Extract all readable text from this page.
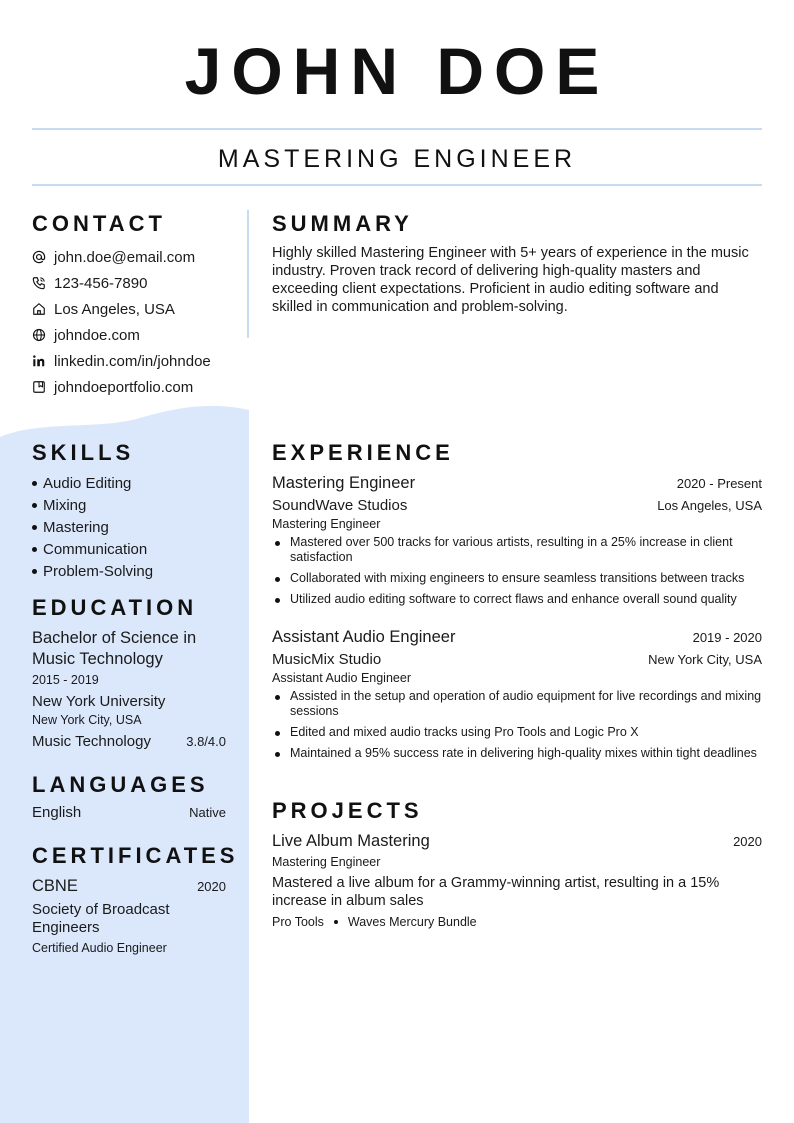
JOHN DOE
MASTERING ENGINEER
CONTACT
john.doe@email.com
123-456-7890
Los Angeles, USA
johndoe.com
linkedin.com/in/johndoe
johndoeportfolio.com
SKILLS
Audio Editing
Mixing
Mastering
Communication
Problem-Solving
EDUCATION
Bachelor of Science in Music Technology
2015 - 2019
New York University
New York City, USA
Music Technology	3.8/4.0
LANGUAGES
English	Native
CERTIFICATES
CBNE	2020
Society of Broadcast Engineers
Certified Audio Engineer
SUMMARY

Highly skilled Mastering Engineer with 5+ years of experience in the music industry. Proven track record of delivering high-quality masters and exceeding client expectations. Proficient in audio editing software and skilled in communication and problem-solving.

EXPERIENCE
Mastering Engineer	2020 - Present
SoundWave Studios	Los Angeles, USA
Mastering Engineer
Mastered over 500 tracks for various artists, resulting in a 25% increase in client satisfaction
Collaborated with mixing engineers to ensure seamless transitions between tracks
Utilized audio editing software to correct flaws and enhance overall sound quality
Assistant Audio Engineer	2019 - 2020
MusicMix Studio	New York City, USA
Assistant Audio Engineer
Assisted in the setup and operation of audio equipment for live recordings and mixing sessions
Edited and mixed audio tracks using Pro Tools and Logic Pro X
Maintained a 95% success rate in delivering high-quality mixes within tight deadlines
PROJECTS
Live Album Mastering	2020
Mastering Engineer
Mastered a live album for a Grammy-winning artist, resulting in a 15% increase in album sales
Pro Tools Waves Mercury Bundle
